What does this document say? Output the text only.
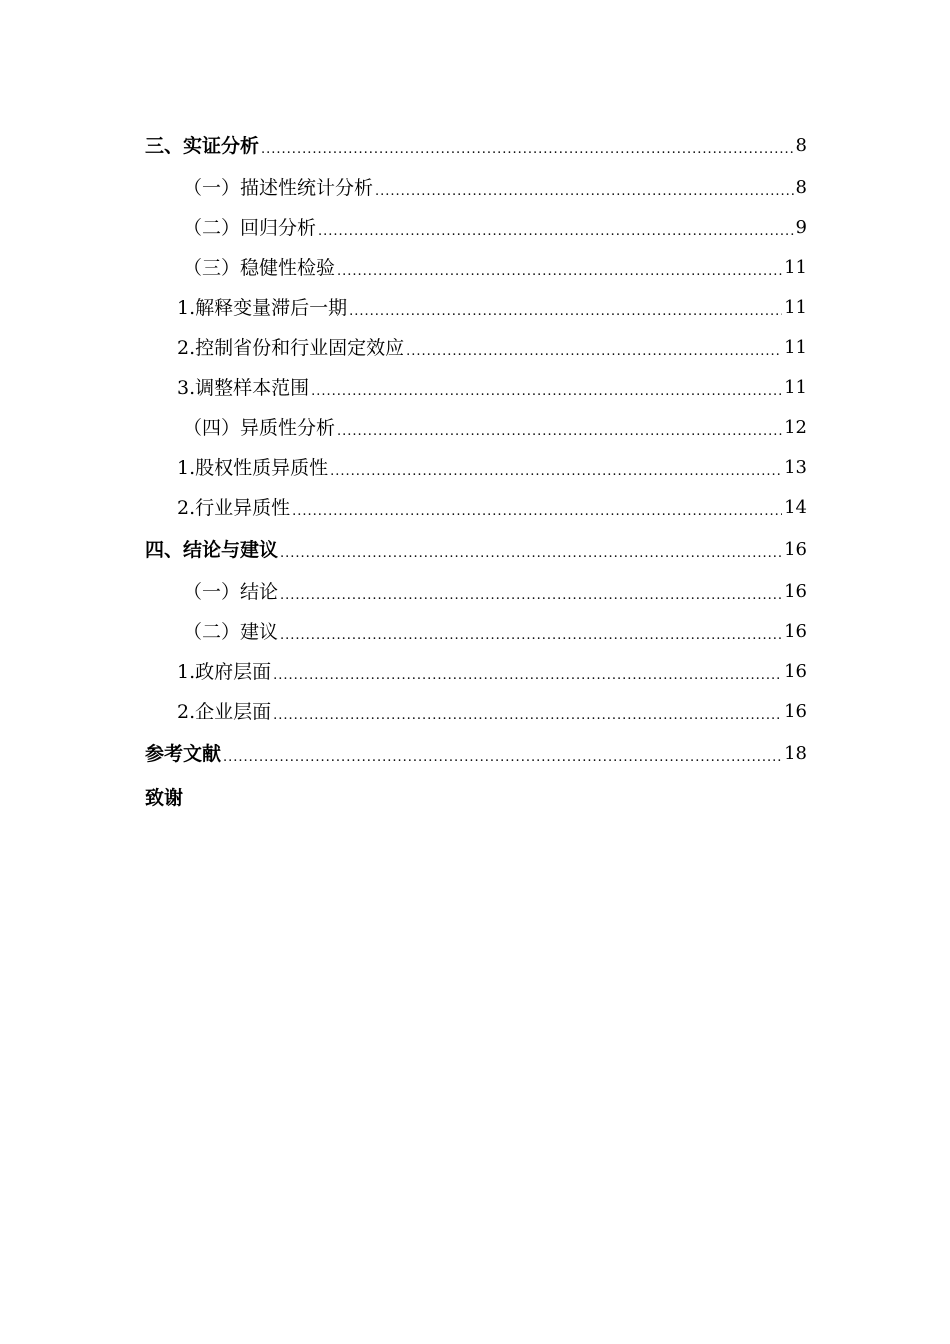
三、实证分析 .....	8
（一）描述性统计分析 .....	8
（二）回归分析 .....	9
（三）稳健性检验 .....	11
1.解释变量滞后一期 .....	11
2.控制省份和行业固定效应 .....	11
3.调整样本范围 .....	11
（四）异质性分析 .....	12
1.股权性质异质性 .....	13
2.行业异质性 .....	14
四、结论与建议 .....	16
（一）结论 .....	16
（二）建议 .....	16
1.政府层面 .....	16
2.企业层面 .....	16
参考文献 .....	18
致谢
